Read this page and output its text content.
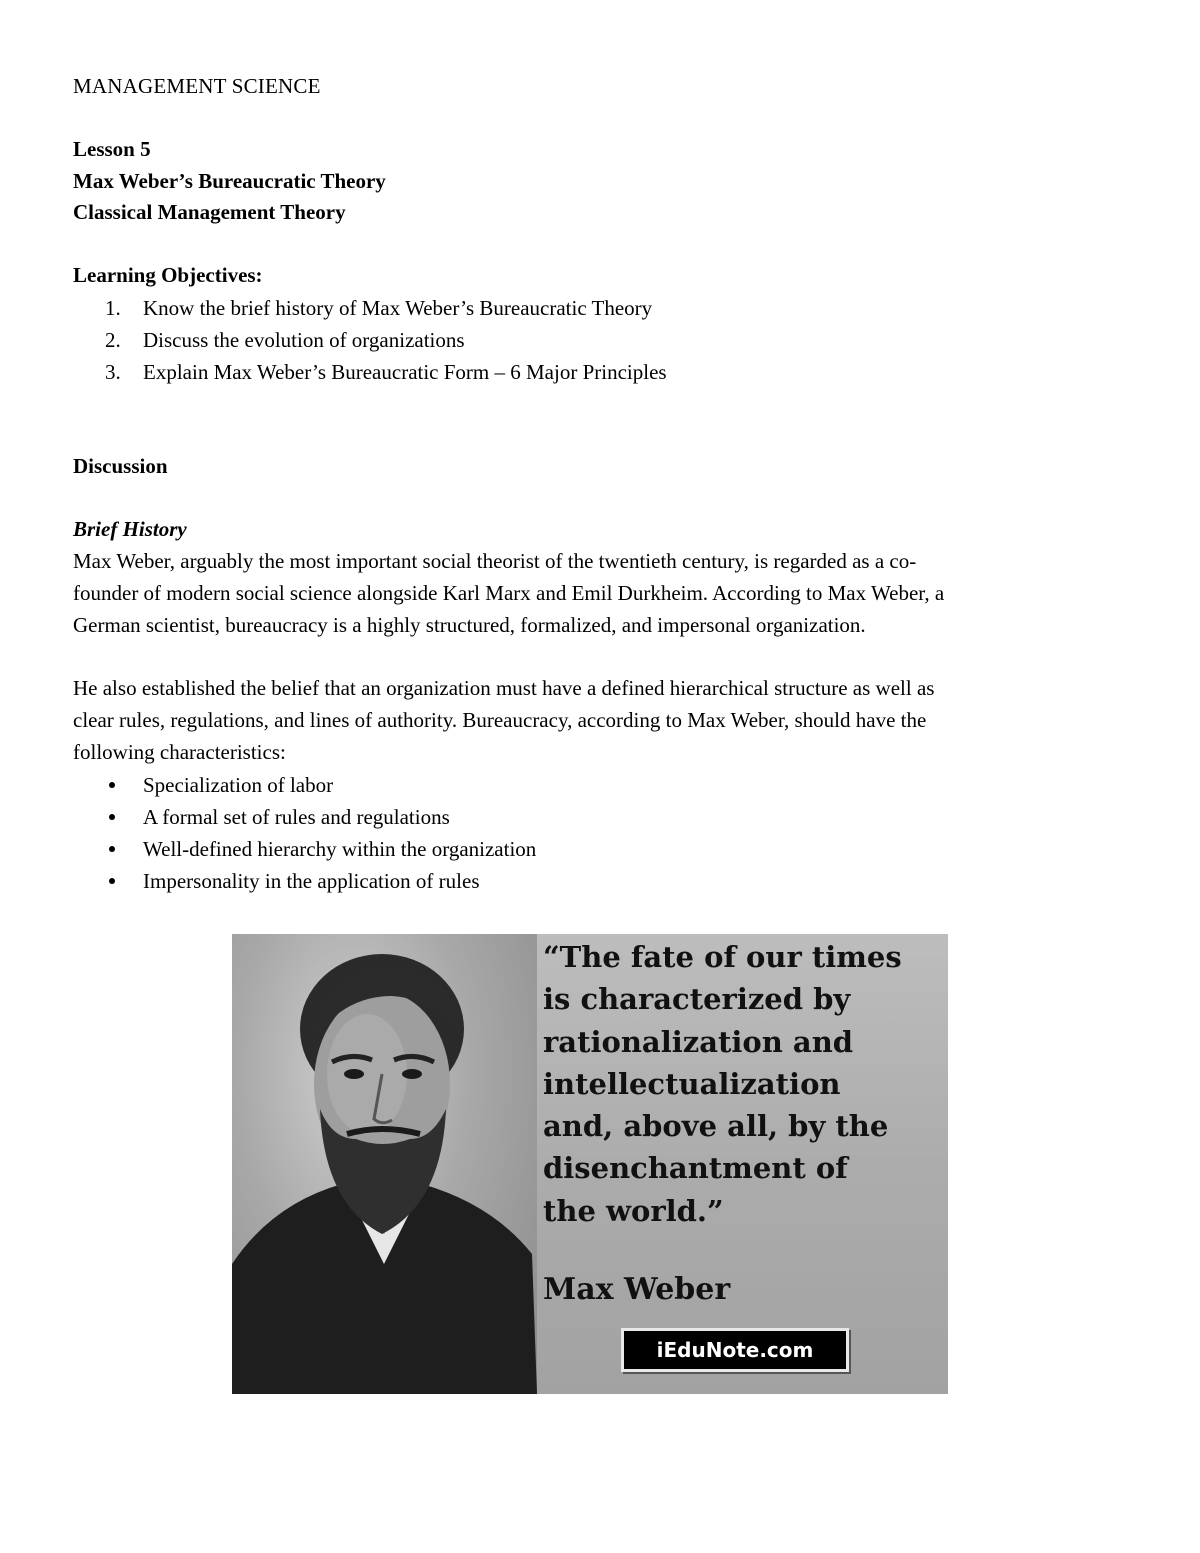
MANAGEMENT SCIENCE
Lesson 5
Max Weber’s Bureaucratic Theory
Classical Management Theory
Learning Objectives:
1.	Know the brief history of Max Weber’s Bureaucratic Theory
2.	Discuss the evolution of organizations
3.	Explain Max Weber’s Bureaucratic Form – 6 Major Principles
Discussion
Brief History
Max Weber, arguably the most important social theorist of the twentieth century, is regarded as a co-
founder of modern social science alongside Karl Marx and Emil Durkheim. According to Max Weber, a
German scientist, bureaucracy is a highly structured, formalized, and impersonal organization.
He also established the belief that an organization must have a defined hierarchical structure as well as
clear rules, regulations, and lines of authority. Bureaucracy, according to Max Weber, should have the
following characteristics:
Specialization of labor
A formal set of rules and regulations
Well-defined hierarchy within the organization
Impersonality in the application of rules
“The fate of our times
is characterized by
rationalization and
intellectualization
and, above all, by the
disenchantment of
the world.”
Max Weber
iEduNote.com
